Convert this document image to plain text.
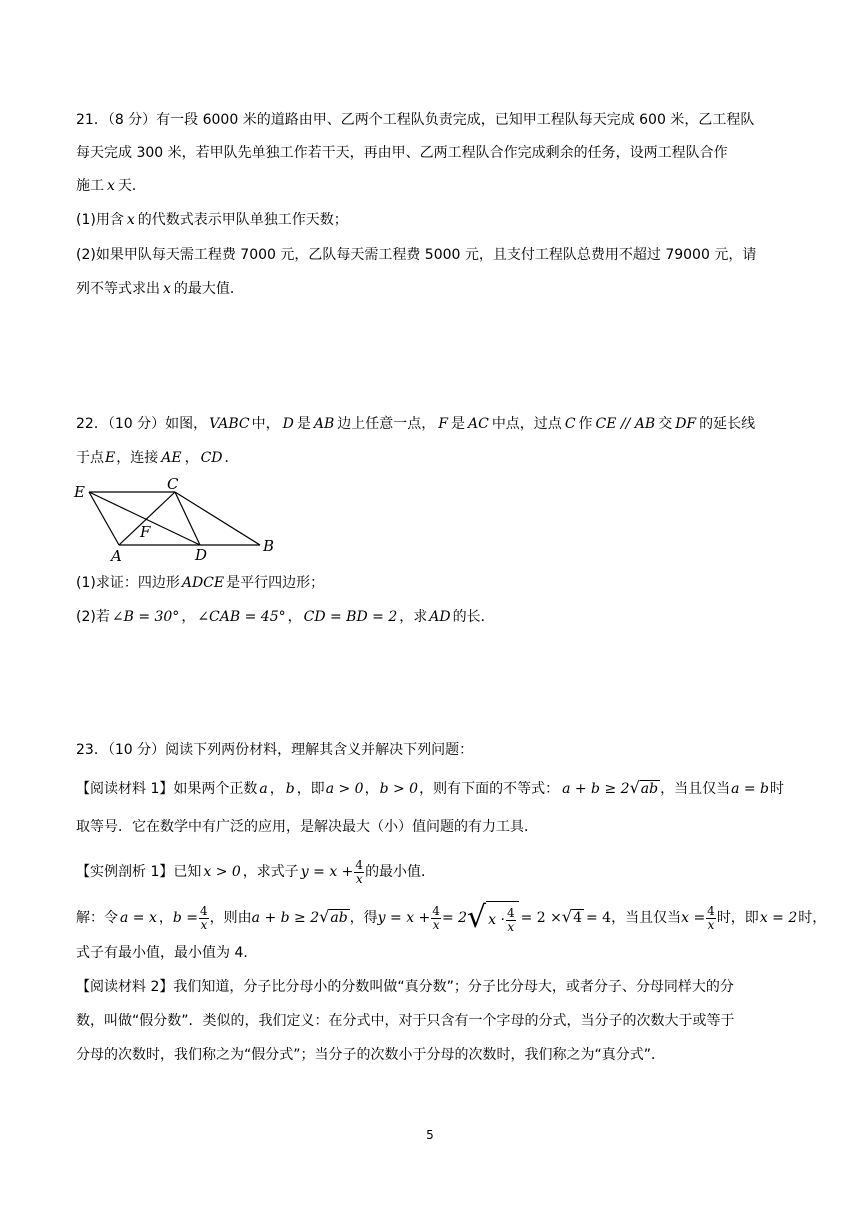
21．（8 分）有一段 6000 米的道路由甲、乙两个工程队负责完成，已知甲工程队每天完成 600 米，乙工程队
每天完成 300 米，若甲队先单独工作若干天，再由甲、乙两工程队合作完成剩余的任务，设两工程队合作
施工 x 天．
(1)用含 x 的代数式表示甲队单独工作天数；
(2)如果甲队每天需工程费 7000 元，乙队每天需工程费 5000 元，且支付工程队总费用不超过 79000 元，请
列不等式求出 x 的最大值．
22．（10 分）如图， VABC 中， D 是 AB 边上任意一点， F 是 AC 中点，过点 C 作 CE // AB 交 DF 的延长线
于点E，连接 AE ， CD ．
E	C
F
A	D	B
(1)求证：四边形 ADCE 是平行四边形；
(2)若 ∠B = 30° ， ∠CAB = 45° ， CD = BD = 2 ，求 AD 的长．
23．（10 分）阅读下列两份材料，理解其含义并解决下列问题：
【阅读材料 1】如果两个正数 a ， b ，即a > 0，b > 0，则有下面的不等式： a + b ≥ 2√ab ，当且仅当a = b时
取等号．它在数学中有广泛的应用，是解决最大（小）值问题的有力工具．
【实例剖析 1】已知 x > 0 ，求式子 $y = x + \frac{4}{x}$ 的最小值．
解：令 a = x ，$b = \frac{4}{x}$ ，则由a + b ≥ 2√ab ，得$y = x + \frac{4}{x} = 2$ √ $x \cdot \frac{4}{x} = 2 \times√4 = 4$，当且仅当$x = \frac{4}{x}$ 时，即x = 2时，
式子有最小值，最小值为 4．
【阅读材料 2】我们知道，分子比分母小的分数叫做“真分数”；分子比分母大，或者分子、分母同样大的分
数，叫做“假分数”．类似的，我们定义：在分式中，对于只含有一个字母的分式，当分子的次数大于或等于
分母的次数时，我们称之为“假分式”；当分子的次数小于分母的次数时，我们称之为“真分式”．
5
